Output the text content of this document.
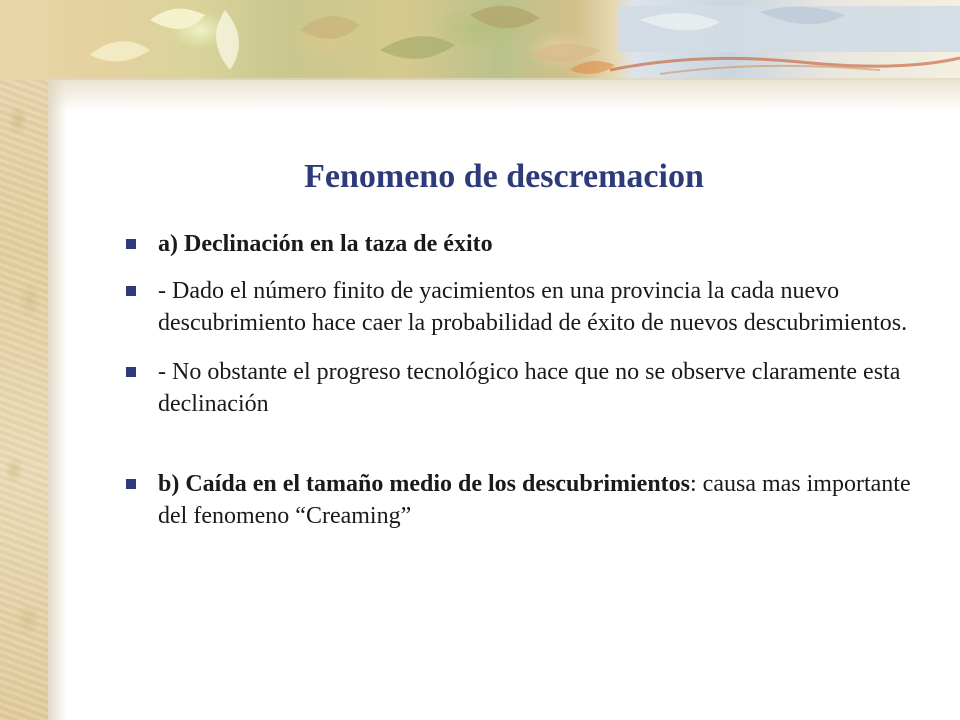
Fenomeno de descremacion
a) Declinación en la taza de éxito
- Dado el número finito de yacimientos en una provincia la cada nuevo descubrimiento hace caer la probabilidad de éxito de nuevos descubrimientos.
- No obstante el progreso tecnológico hace que no se observe claramente esta declinación
b) Caída en el tamaño medio de los descubrimientos: causa mas importante del fenomeno “Creaming”
